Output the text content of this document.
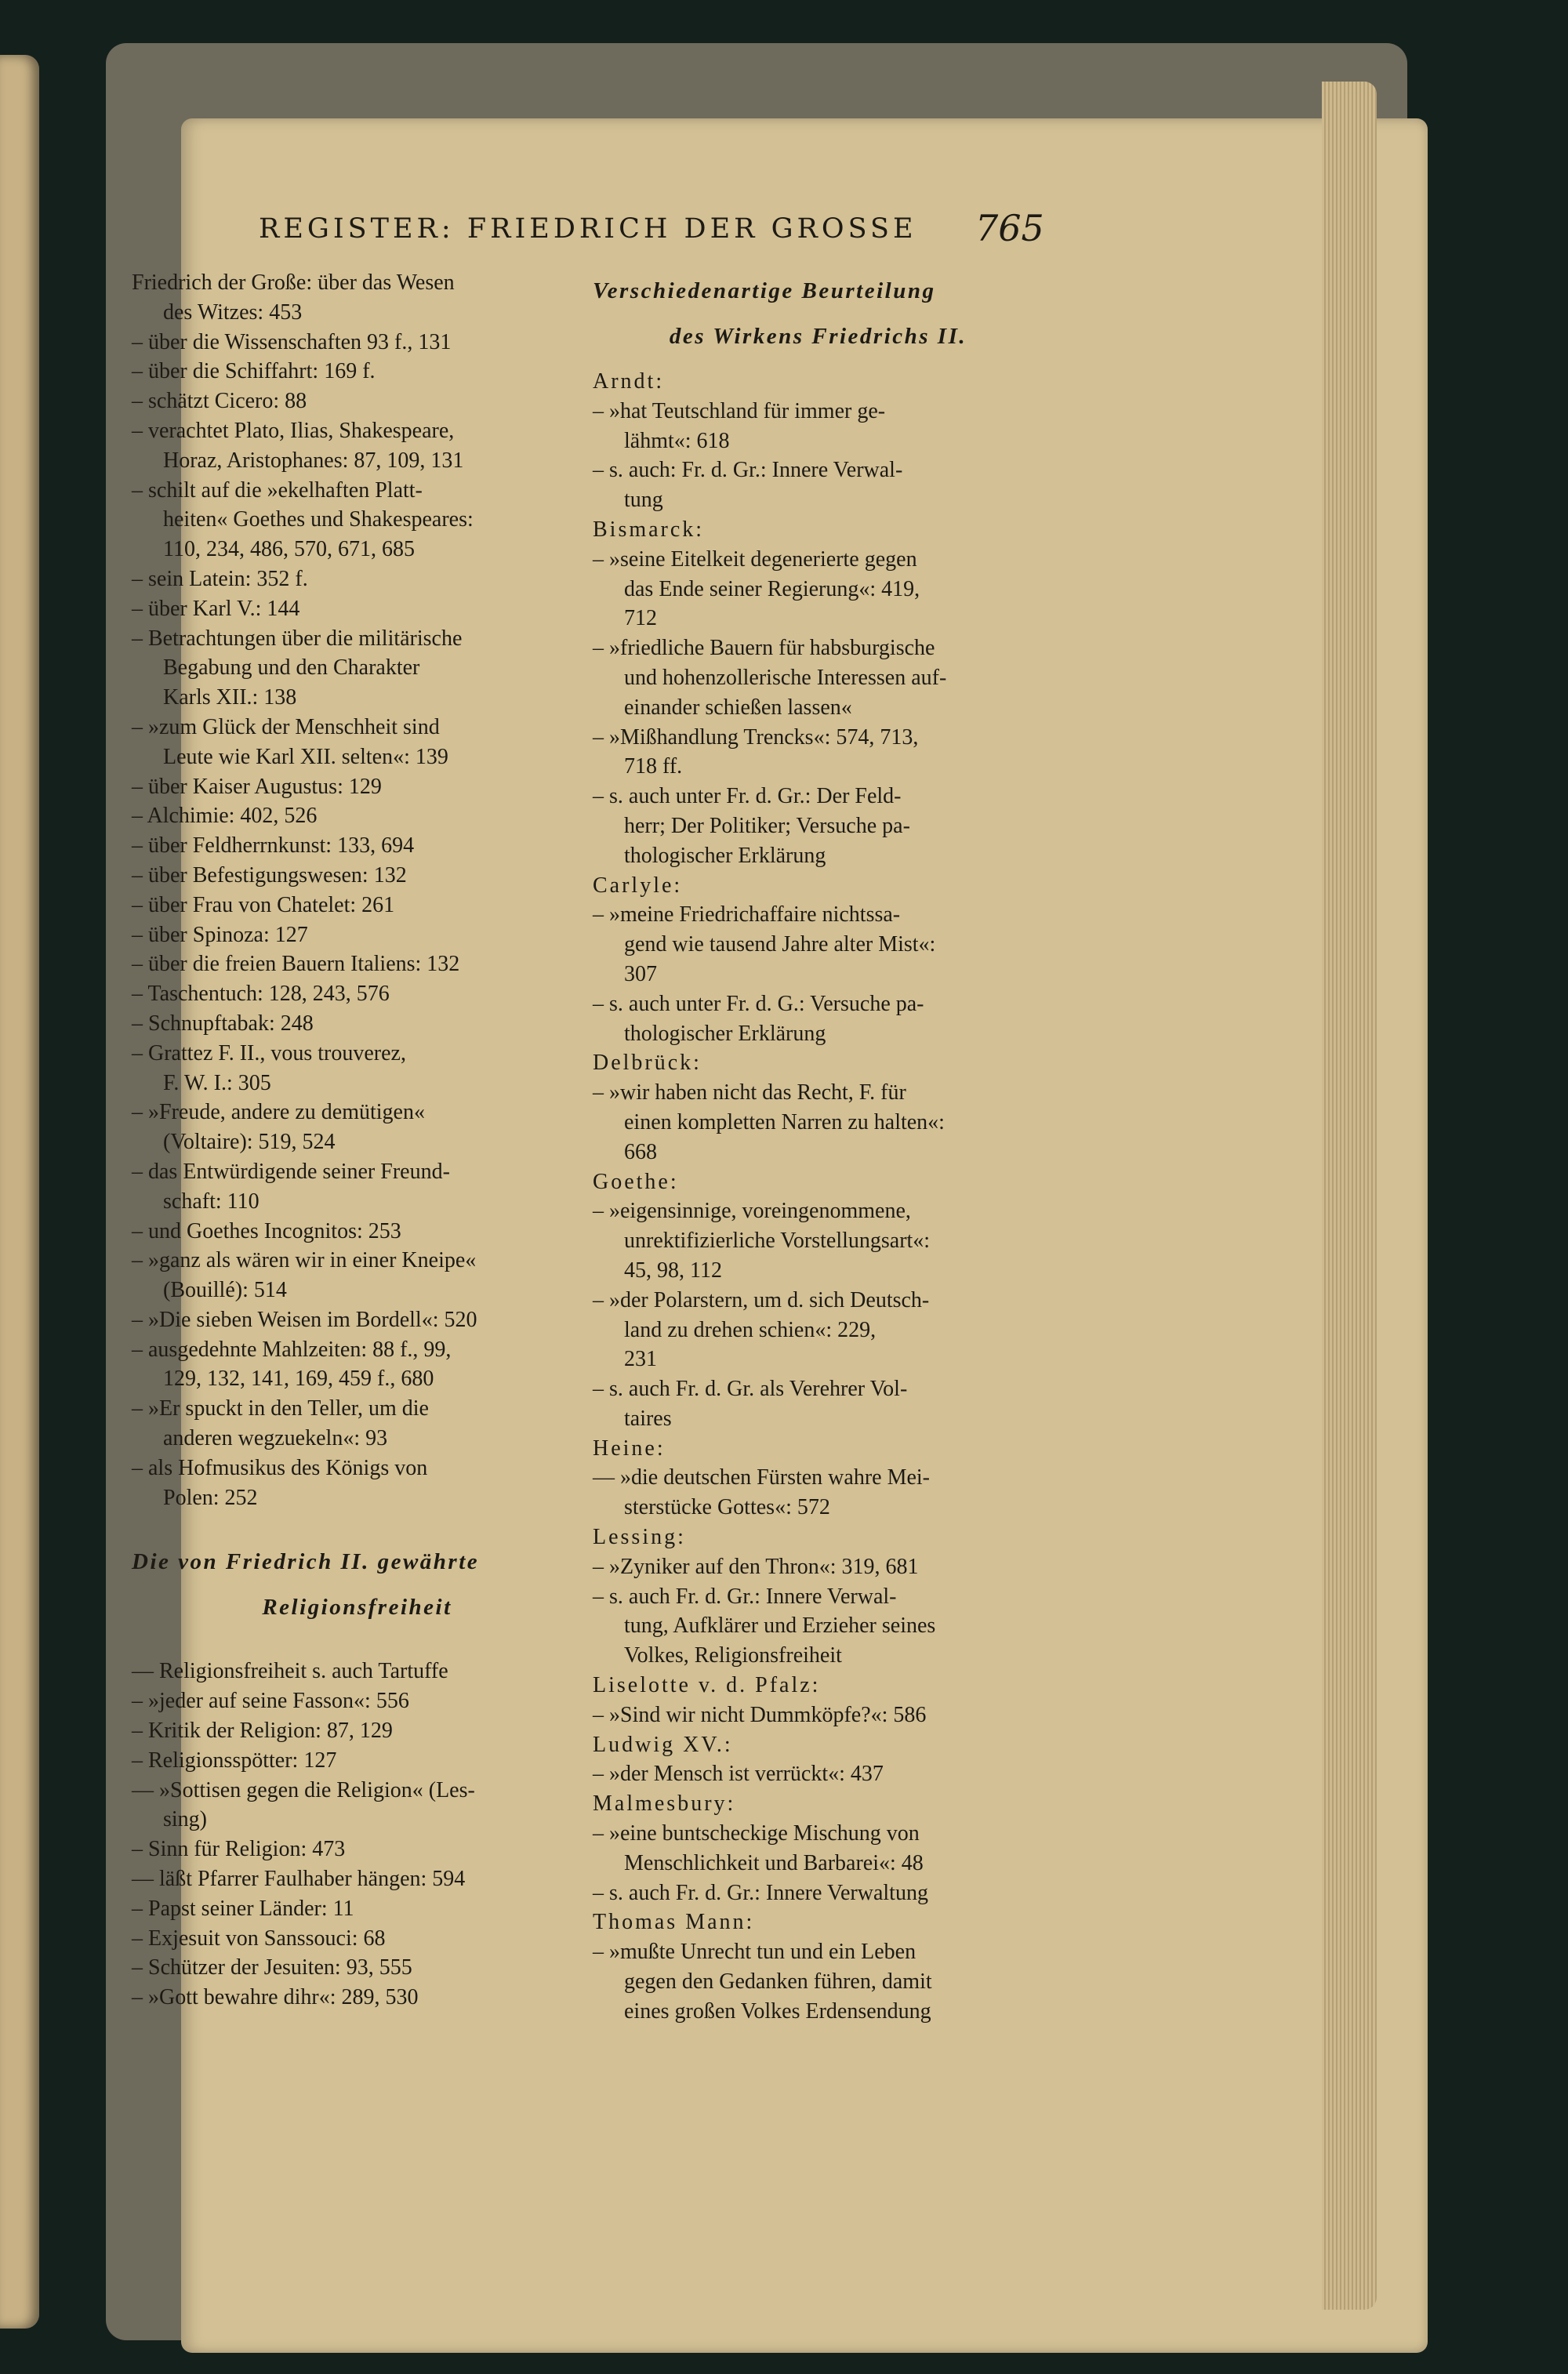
REGISTER: FRIEDRICH DER GROSSE 765
Friedrich der Große: über das Wesen
des Witzes: 453
– über die Wissenschaften 93 f., 131
– über die Schiffahrt: 169 f.
– schätzt Cicero: 88
– verachtet Plato, Ilias, Shakespeare,
Horaz, Aristophanes: 87, 109, 131
– schilt auf die »ekelhaften Platt-
heiten« Goethes und Shakespeares:
110, 234, 486, 570, 671, 685
– sein Latein: 352 f.
– über Karl V.: 144
– Betrachtungen über die militärische
Begabung und den Charakter
Karls XII.: 138
– »zum Glück der Menschheit sind
Leute wie Karl XII. selten«: 139
– über Kaiser Augustus: 129
– Alchimie: 402, 526
– über Feldherrnkunst: 133, 694
– über Befestigungswesen: 132
– über Frau von Chatelet: 261
– über Spinoza: 127
– über die freien Bauern Italiens: 132
– Taschentuch: 128, 243, 576
– Schnupftabak: 248
– Grattez F. II., vous trouverez,
F. W. I.: 305
– »Freude, andere zu demütigen«
(Voltaire): 519, 524
– das Entwürdigende seiner Freund-
schaft: 110
– und Goethes Incognitos: 253
– »ganz als wären wir in einer Kneipe«
(Bouillé): 514
– »Die sieben Weisen im Bordell«: 520
– ausgedehnte Mahlzeiten: 88 f., 99,
129, 132, 141, 169, 459 f., 680
– »Er spuckt in den Teller, um die
anderen wegzuekeln«: 93
– als Hofmusikus des Königs von
Polen: 252
Die von Friedrich II. gewährte
Religionsfreiheit
— Religionsfreiheit s. auch Tartuffe
– »jeder auf seine Fasson«: 556
– Kritik der Religion: 87, 129
– Religionsspötter: 127
— »Sottisen gegen die Religion« (Les-
sing)
– Sinn für Religion: 473
— läßt Pfarrer Faulhaber hängen: 594
– Papst seiner Länder: 11
– Exjesuit von Sanssouci: 68
– Schützer der Jesuiten: 93, 555
– »Gott bewahre dihr«: 289, 530
Verschiedenartige Beurteilung
des Wirkens Friedrichs II.
Arndt:
– »hat Teutschland für immer ge-
lähmt«: 618
– s. auch: Fr. d. Gr.: Innere Verwal-
tung
Bismarck:
– »seine Eitelkeit degenerierte gegen
das Ende seiner Regierung«: 419,
712
– »friedliche Bauern für habsburgische
und hohenzollerische Interessen auf-
einander schießen lassen«
– »Mißhandlung Trencks«: 574, 713,
718 ff.
– s. auch unter Fr. d. Gr.: Der Feld-
herr; Der Politiker; Versuche pa-
thologischer Erklärung
Carlyle:
– »meine Friedrichaffaire nichtssa-
gend wie tausend Jahre alter Mist«:
307
– s. auch unter Fr. d. G.: Versuche pa-
thologischer Erklärung
Delbrück:
– »wir haben nicht das Recht, F. für
einen kompletten Narren zu halten«:
668
Goethe:
– »eigensinnige, voreingenommene,
unrektifizierliche Vorstellungsart«:
45, 98, 112
– »der Polarstern, um d. sich Deutsch-
land zu drehen schien«: 229,
231
– s. auch Fr. d. Gr. als Verehrer Vol-
taires
Heine:
— »die deutschen Fürsten wahre Mei-
sterstücke Gottes«: 572
Lessing:
– »Zyniker auf den Thron«: 319, 681
– s. auch Fr. d. Gr.: Innere Verwal-
tung, Aufklärer und Erzieher seines
Volkes, Religionsfreiheit
Liselotte v. d. Pfalz:
– »Sind wir nicht Dummköpfe?«: 586
Ludwig XV.:
– »der Mensch ist verrückt«: 437
Malmesbury:
– »eine buntscheckige Mischung von
Menschlichkeit und Barbarei«: 48
– s. auch Fr. d. Gr.: Innere Verwaltung
Thomas Mann:
– »mußte Unrecht tun und ein Leben
gegen den Gedanken führen, damit
eines großen Volkes Erdensendung
